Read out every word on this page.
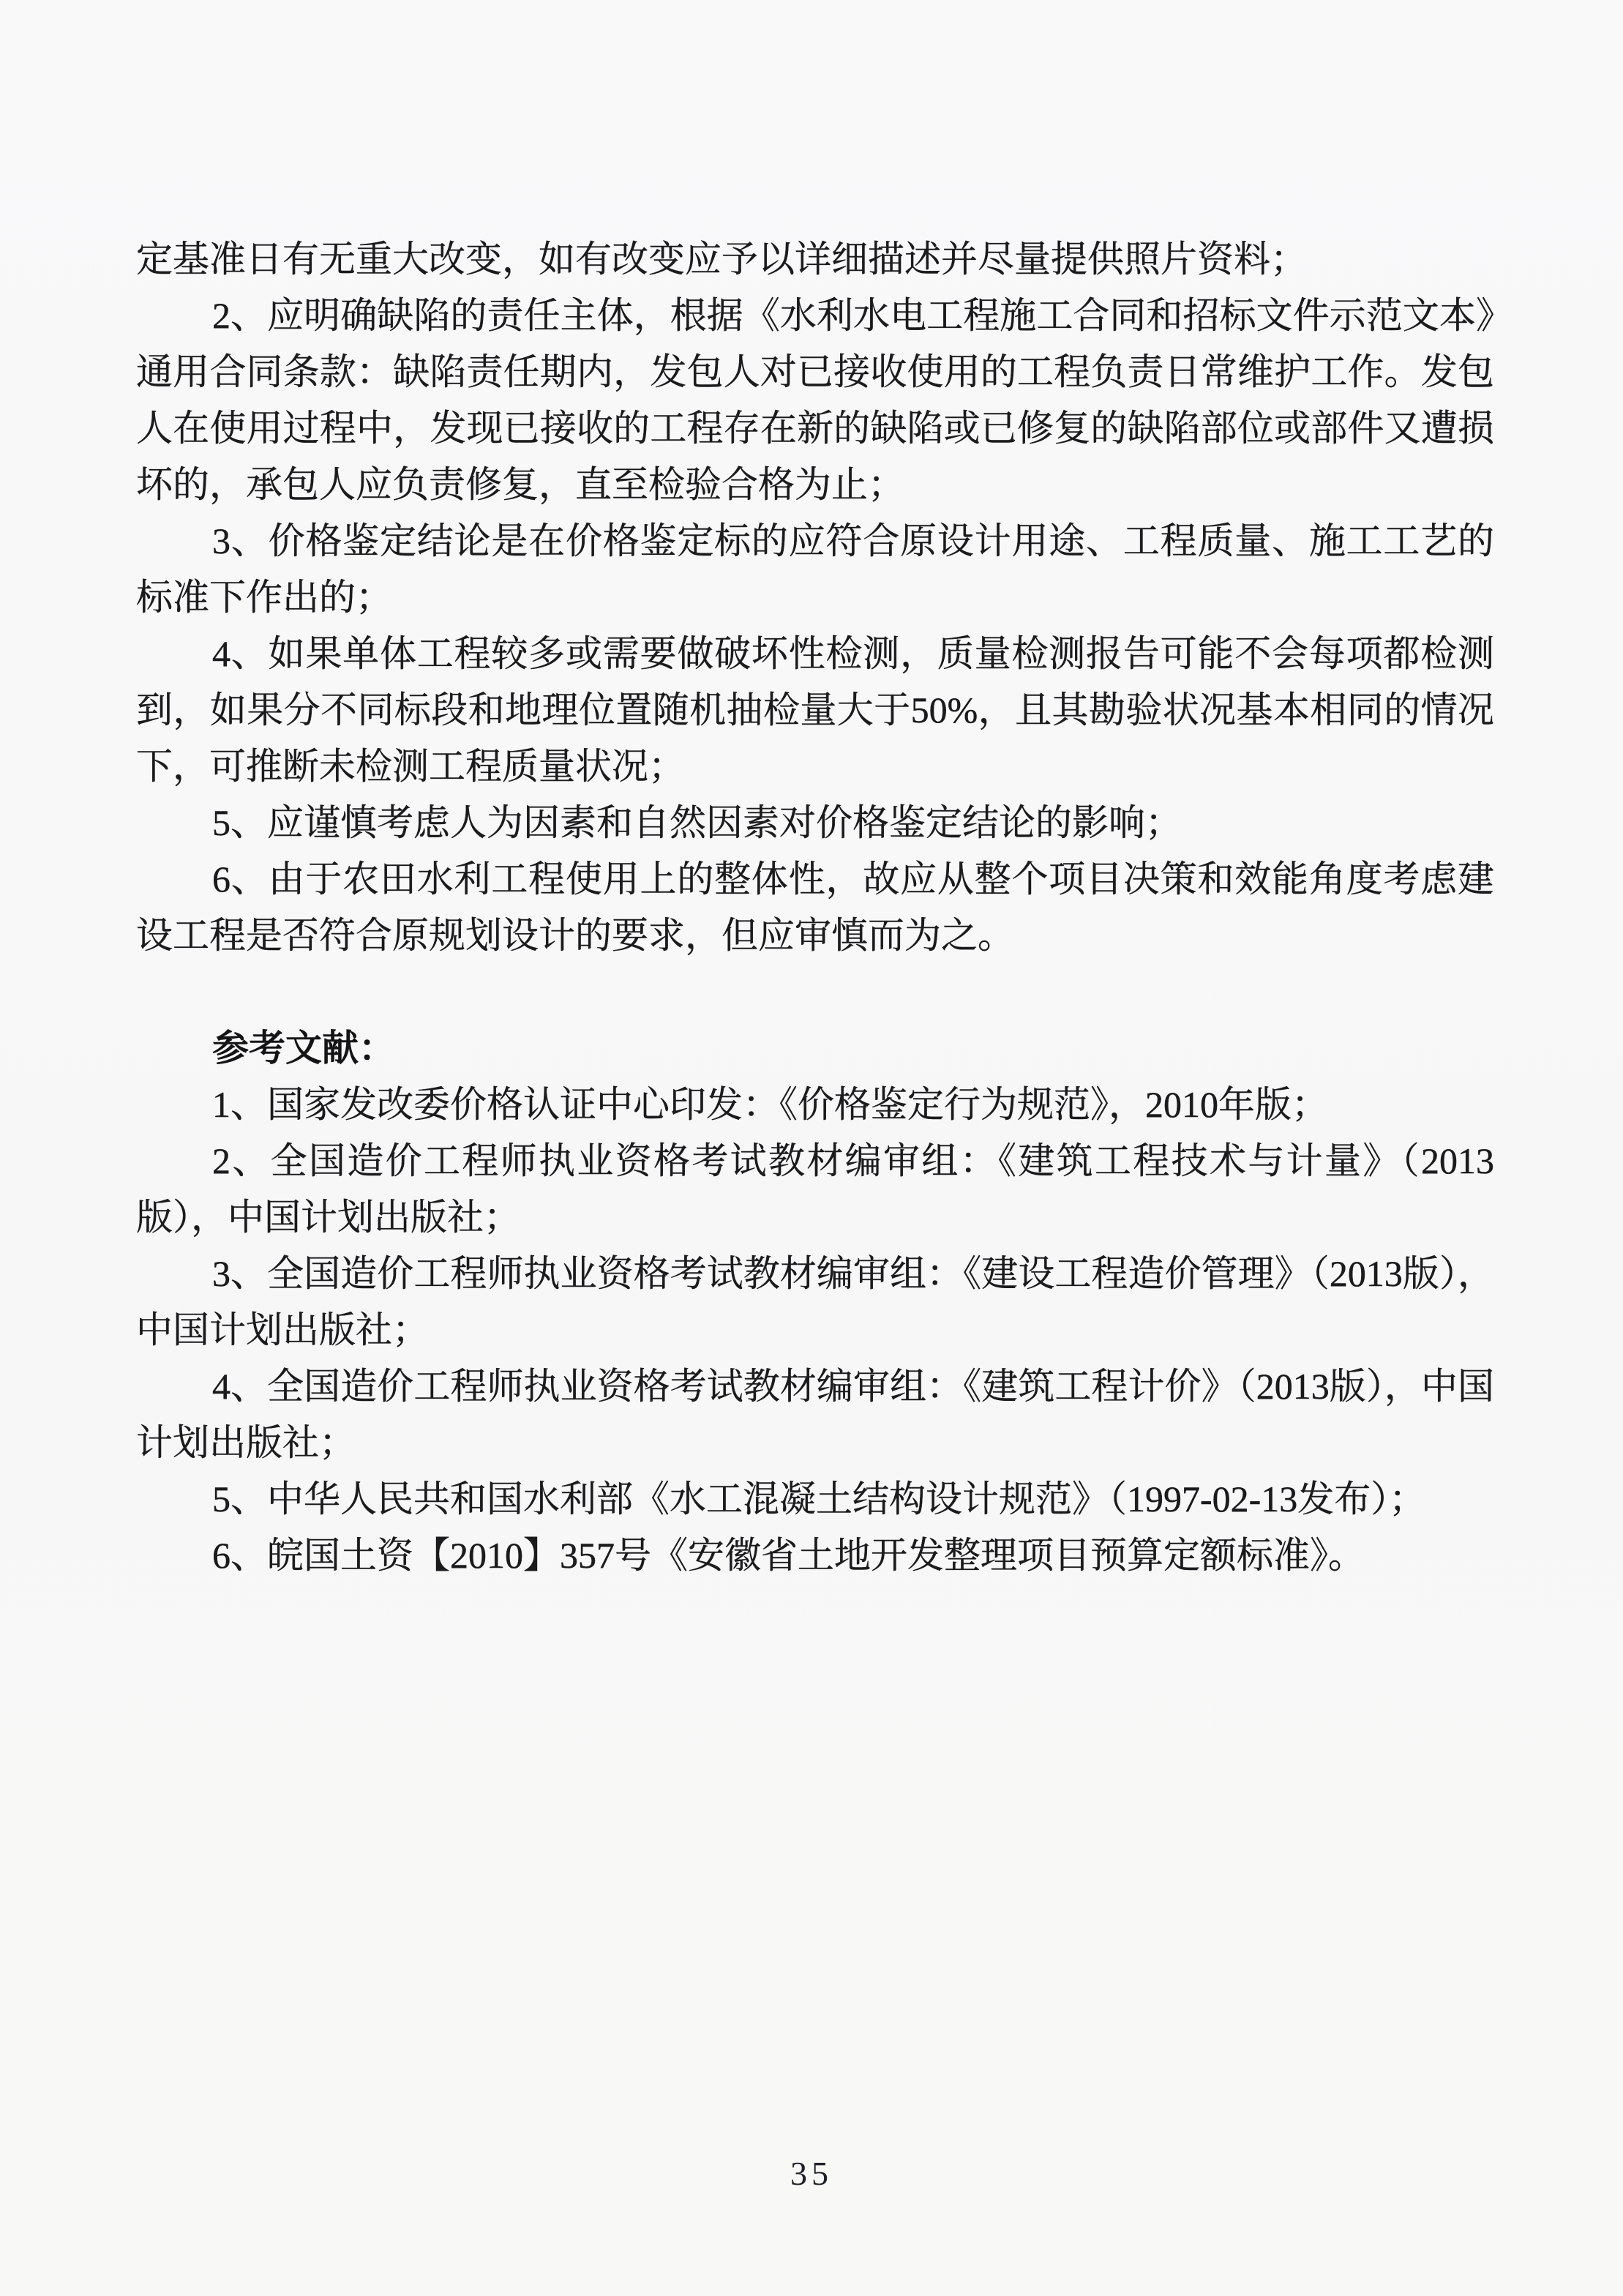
定基准日有无重大改变，如有改变应予以详细描述并尽量提供照片资料；

2、应明确缺陷的责任主体，根据《水利水电工程施工合同和招标文件示范文本》通用合同条款：缺陷责任期内，发包人对已接收使用的工程负责日常维护工作。发包人在使用过程中，发现已接收的工程存在新的缺陷或已修复的缺陷部位或部件又遭损坏的，承包人应负责修复，直至检验合格为止；

3、价格鉴定结论是在价格鉴定标的应符合原设计用途、工程质量、施工工艺的标准下作出的；

4、如果单体工程较多或需要做破坏性检测，质量检测报告可能不会每项都检测到，如果分不同标段和地理位置随机抽检量大于50%，且其勘验状况基本相同的情况下，可推断未检测工程质量状况；

5、应谨慎考虑人为因素和自然因素对价格鉴定结论的影响；

6、由于农田水利工程使用上的整体性，故应从整个项目决策和效能角度考虑建设工程是否符合原规划设计的要求，但应审慎而为之。

参考文献：

1、国家发改委价格认证中心印发：《价格鉴定行为规范》，2010年版；

2、全国造价工程师执业资格考试教材编审组：《建筑工程技术与计量》（2013版），中国计划出版社；

3、全国造价工程师执业资格考试教材编审组：《建设工程造价管理》（2013版），中国计划出版社；

4、全国造价工程师执业资格考试教材编审组：《建筑工程计价》（2013版），中国计划出版社；

5、中华人民共和国水利部《水工混凝土结构设计规范》（1997-02-13发布）；

6、皖国土资【2010】357号《安徽省土地开发整理项目预算定额标准》。

35
